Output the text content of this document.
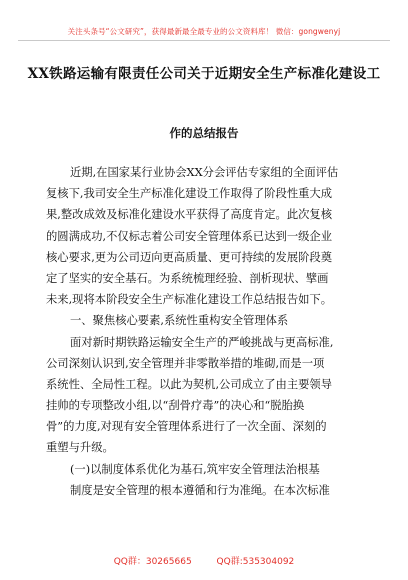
关注头条号“公文研究”，获得最新最全最专业的公文资料库！ 微信：gongwenyj
XX铁路运输有限责任公司关于近期安全生产标准化建设工
作的总结报告
近期,在国家某行业协会XX分会评估专家组的全面评估
复核下,我司安全生产标准化建设工作取得了阶段性重大成
果,整改成效及标准化建设水平获得了高度肯定。此次复核
的圆满成功,不仅标志着公司安全管理体系已达到一级企业
核心要求,更为公司迈向更高质量、更可持续的发展阶段奠
定了坚实的安全基石。为系统梳理经验、剖析现状、擘画
未来,现将本阶段安全生产标准化建设工作总结报告如下。
一、聚焦核心要素,系统性重构安全管理体系
面对新时期铁路运输安全生产的严峻挑战与更高标准,
公司深刻认识到,安全管理并非零散举措的堆砌,而是一项
系统性、全局性工程。以此为契机,公司成立了由主要领导
挂帅的专项整改小组,以“刮骨疗毒”的决心和“脱胎换
骨”的力度,对现有安全管理体系进行了一次全面、深刻的
重塑与升级。
(一)以制度体系优化为基石,筑牢安全管理法治根基
制度是安全管理的根本遵循和行为准绳。在本次标准
QQ群：30265665	QQ群:535304092
